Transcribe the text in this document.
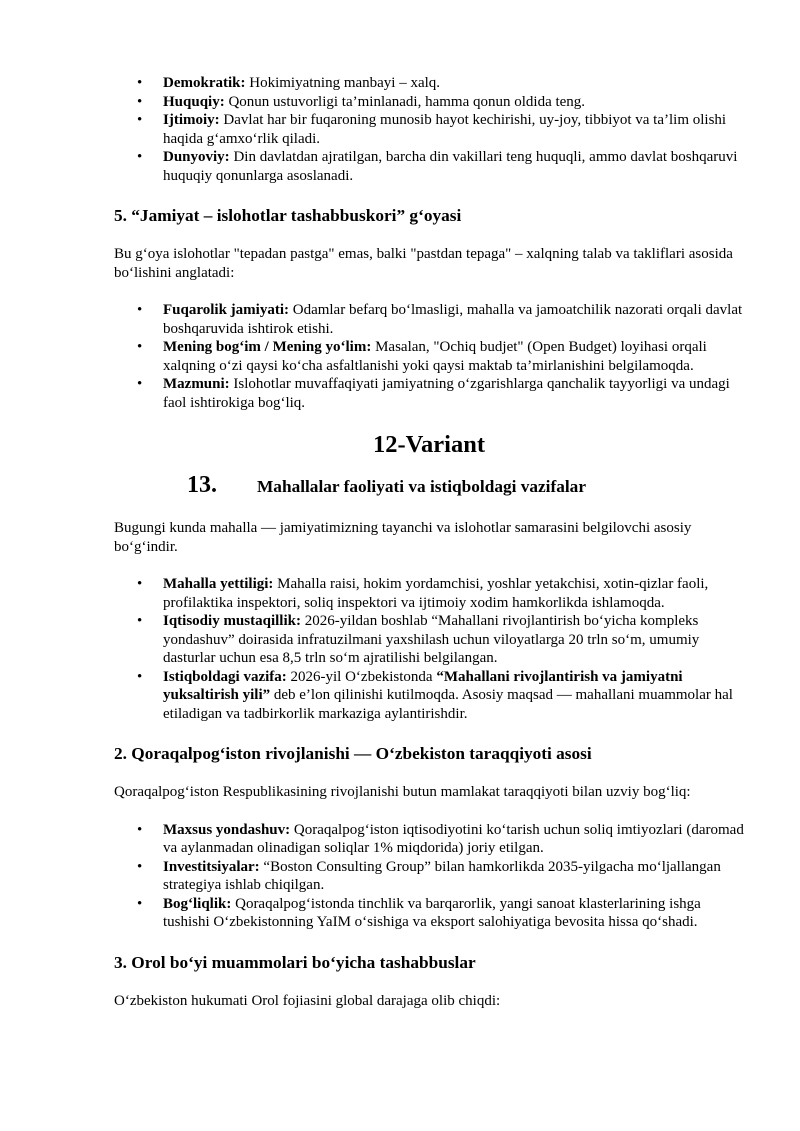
• Demokratik: Hokimiyatning manbayi – xalq.
• Huquqiy: Qonun ustuvorligi ta’minlanadi, hamma qonun oldida teng.
• Ijtimoiy: Davlat har bir fuqaroning munosib hayot kechirishi, uy-joy, tibbiyot va ta’lim olishi haqida g‘amxo‘rlik qiladi.
• Dunyoviy: Din davlatdan ajratilgan, barcha din vakillari teng huquqli, ammo davlat boshqaruvi huquqiy qonunlarga asoslanadi.
5. “Jamiyat – islohotlar tashabbuskori” g‘oyasi

Bu g‘oya islohotlar "tepadan pastga" emas, balki "pastdan tepaga" – xalqning talab va takliflari asosida bo‘lishini anglatadi:

• Fuqarolik jamiyati: Odamlar befarq bo‘lmasligi, mahalla va jamoatchilik nazorati orqali davlat boshqaruvida ishtirok etishi.
• Mening bog‘im / Mening yo‘lim: Masalan, "Ochiq budjet" (Open Budget) loyihasi orqali xalqning o‘zi qaysi ko‘cha asfaltlanishi yoki qaysi maktab ta’mirlanishini belgilamoqda.
• Mazmuni: Islohotlar muvaffaqiyati jamiyatning o‘zgarishlarga qanchalik tayyorligi va undagi faol ishtirokiga bog‘liq.
12-Variant
13.	Mahallalar faoliyati va istiqboldagi vazifalar

Bugungi kunda mahalla — jamiyatimizning tayanchi va islohotlar samarasini belgilovchi asosiy bo‘g‘indir.

• Mahalla yettiligi: Mahalla raisi, hokim yordamchisi, yoshlar yetakchisi, xotin-qizlar faoli, profilaktika inspektori, soliq inspektori va ijtimoiy xodim hamkorlikda ishlamoqda.
• Iqtisodiy mustaqillik: 2026-yildan boshlab “Mahallani rivojlantirish bo‘yicha kompleks yondashuv” doirasida infratuzilmani yaxshilash uchun viloyatlarga 20 trln so‘m, umumiy dasturlar uchun esa 8,5 trln so‘m ajratilishi belgilangan.
• Istiqboldagi vazifa: 2026-yil O‘zbekistonda “Mahallani rivojlantirish va jamiyatni yuksaltirish yili” deb e’lon qilinishi kutilmoqda. Asosiy maqsad — mahallani muammolar hal etiladigan va tadbirkorlik markaziga aylantirishdir.
2. Qoraqalpog‘iston rivojlanishi — O‘zbekiston taraqqiyoti asosi

Qoraqalpog‘iston Respublikasining rivojlanishi butun mamlakat taraqqiyoti bilan uzviy bog‘liq:

• Maxsus yondashuv: Qoraqalpog‘iston iqtisodiyotini ko‘tarish uchun soliq imtiyozlari (daromad va aylanmadan olinadigan soliqlar 1% miqdorida) joriy etilgan.
• Investitsiyalar: “Boston Consulting Group” bilan hamkorlikda 2035-yilgacha mo‘ljallangan strategiya ishlab chiqilgan.
• Bog‘liqlik: Qoraqalpog‘istonda tinchlik va barqarorlik, yangi sanoat klasterlarining ishga tushishi O‘zbekistonning YaIM o‘sishiga va eksport salohiyatiga bevosita hissa qo‘shadi.
3. Orol bo‘yi muammolari bo‘yicha tashabbuslar

O‘zbekiston hukumati Orol fojiasini global darajaga olib chiqdi:
